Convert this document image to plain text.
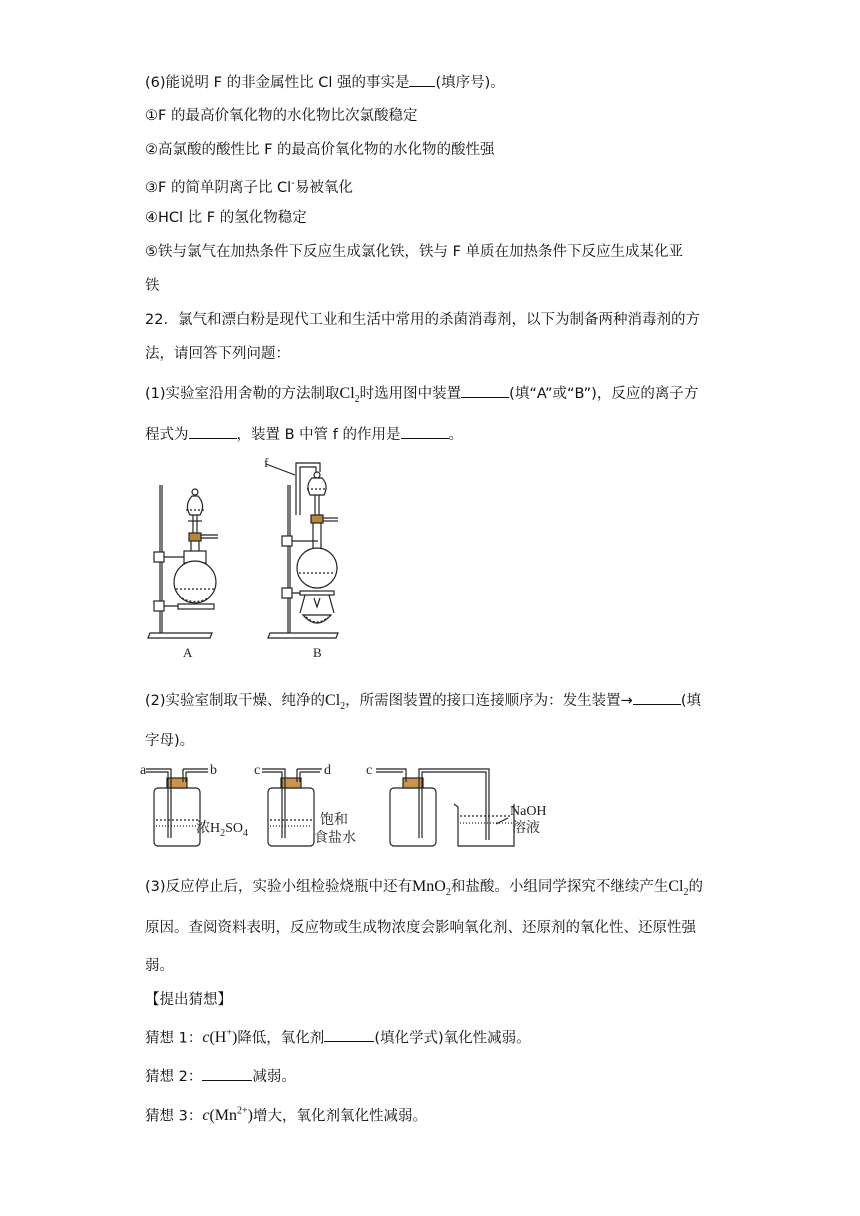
(6)能说明 F 的非金属性比 Cl 强的事实是 (填序号)。
①F 的最高价氧化物的水化物比次氯酸稳定
②高氯酸的酸性比 F 的最高价氧化物的水化物的酸性强
③F 的简单阴离子比 Cl-易被氧化
④HCl 比 F 的氢化物稳定
⑤铁与氯气在加热条件下反应生成氯化铁，铁与 F 单质在加热条件下反应生成某化亚
铁
22．氯气和漂白粉是现代工业和生活中常用的杀菌消毒剂，以下为制备两种消毒剂的方
法，请回答下列问题：
(1)实验室沿用舍勒的方法制取$Cl_2$时选用图中装置	(填“A”或“B”)，反应的离子方
程式为	，装置 B 中管 f 的作用是	。
A	B
f
(2)实验室制取干燥、纯净的$Cl_2$，所需图装置的接口连接顺序为：发生装置→	(填
字母)。
a	b	c	d	c
浓$H_2SO_4$
饱和
食盐水
NaOH
溶液
(3)反应停止后，实验小组检验烧瓶中还有MnO$_2$和盐酸。小组同学探究不继续产生$Cl_2$的
原因。查阅资料表明，反应物或生成物浓度会影响氧化剂、还原剂的氧化性、还原性强
弱。
【提出猜想】
猜想 1：c(H+)降低，氧化剂	(填化学式)氧化性减弱。
猜想 2：	减弱。
猜想 3：$c(Mn^{2+})$增大，氧化剂氧化性减弱。
